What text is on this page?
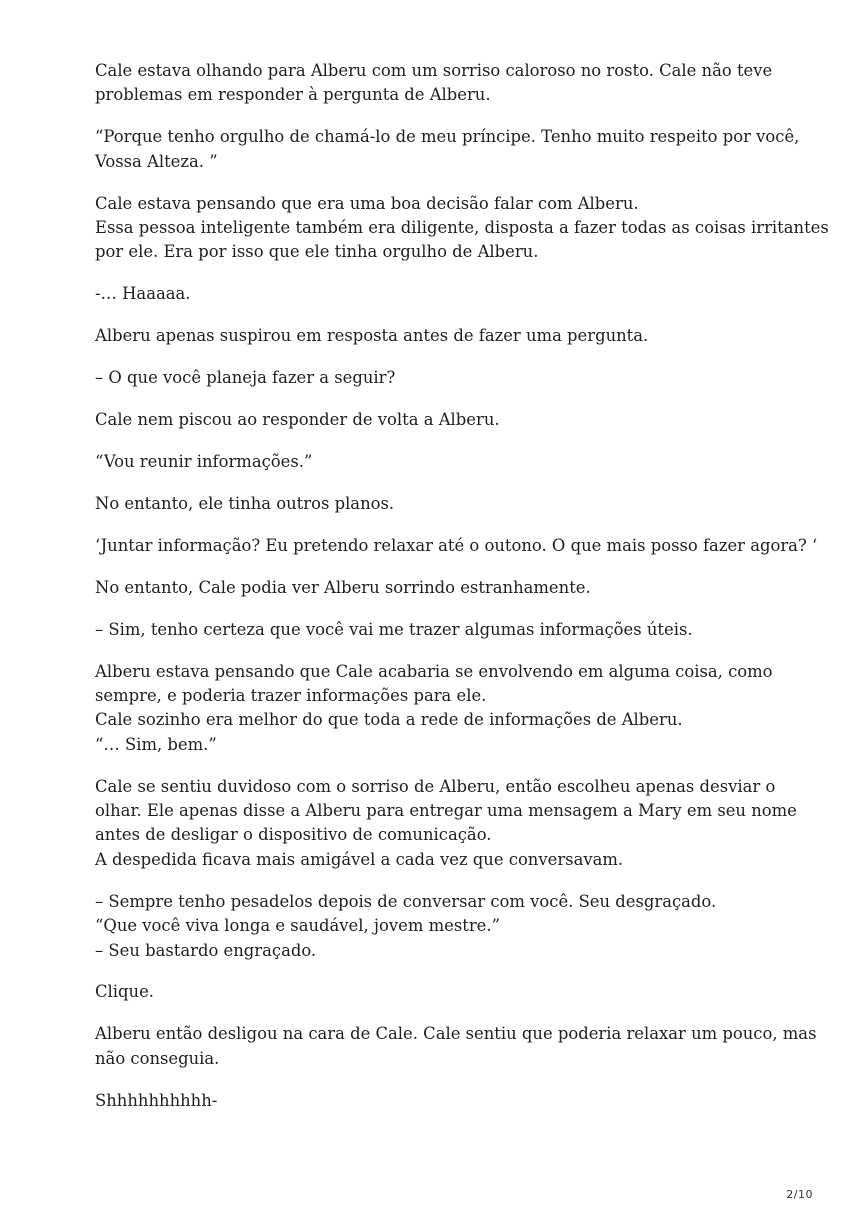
Cale estava olhando para Alberu com um sorriso caloroso no rosto. Cale não teve
problemas em responder à pergunta de Alberu.

“Porque tenho orgulho de chamá-lo de meu príncipe. Tenho muito respeito por você,
Vossa Alteza. ”

Cale estava pensando que era uma boa decisão falar com Alberu.
Essa pessoa inteligente também era diligente, disposta a fazer todas as coisas irritantes
por ele. Era por isso que ele tinha orgulho de Alberu.

-… Haaaaa.

Alberu apenas suspirou em resposta antes de fazer uma pergunta.

– O que você planeja fazer a seguir?

Cale nem piscou ao responder de volta a Alberu.

“Vou reunir informações.”

No entanto, ele tinha outros planos.

‘Juntar informação? Eu pretendo relaxar até o outono. O que mais posso fazer agora? ‘

No entanto, Cale podia ver Alberu sorrindo estranhamente.

– Sim, tenho certeza que você vai me trazer algumas informações úteis.

Alberu estava pensando que Cale acabaria se envolvendo em alguma coisa, como
sempre, e poderia trazer informações para ele.
Cale sozinho era melhor do que toda a rede de informações de Alberu.
“… Sim, bem.”

Cale se sentiu duvidoso com o sorriso de Alberu, então escolheu apenas desviar o
olhar. Ele apenas disse a Alberu para entregar uma mensagem a Mary em seu nome
antes de desligar o dispositivo de comunicação.
A despedida ficava mais amigável a cada vez que conversavam.

– Sempre tenho pesadelos depois de conversar com você. Seu desgraçado.
“Que você viva longa e saudável, jovem mestre.”
– Seu bastardo engraçado.

Clique.

Alberu então desligou na cara de Cale. Cale sentiu que poderia relaxar um pouco, mas
não conseguia.

Shhhhhhhhhh-

2/10
